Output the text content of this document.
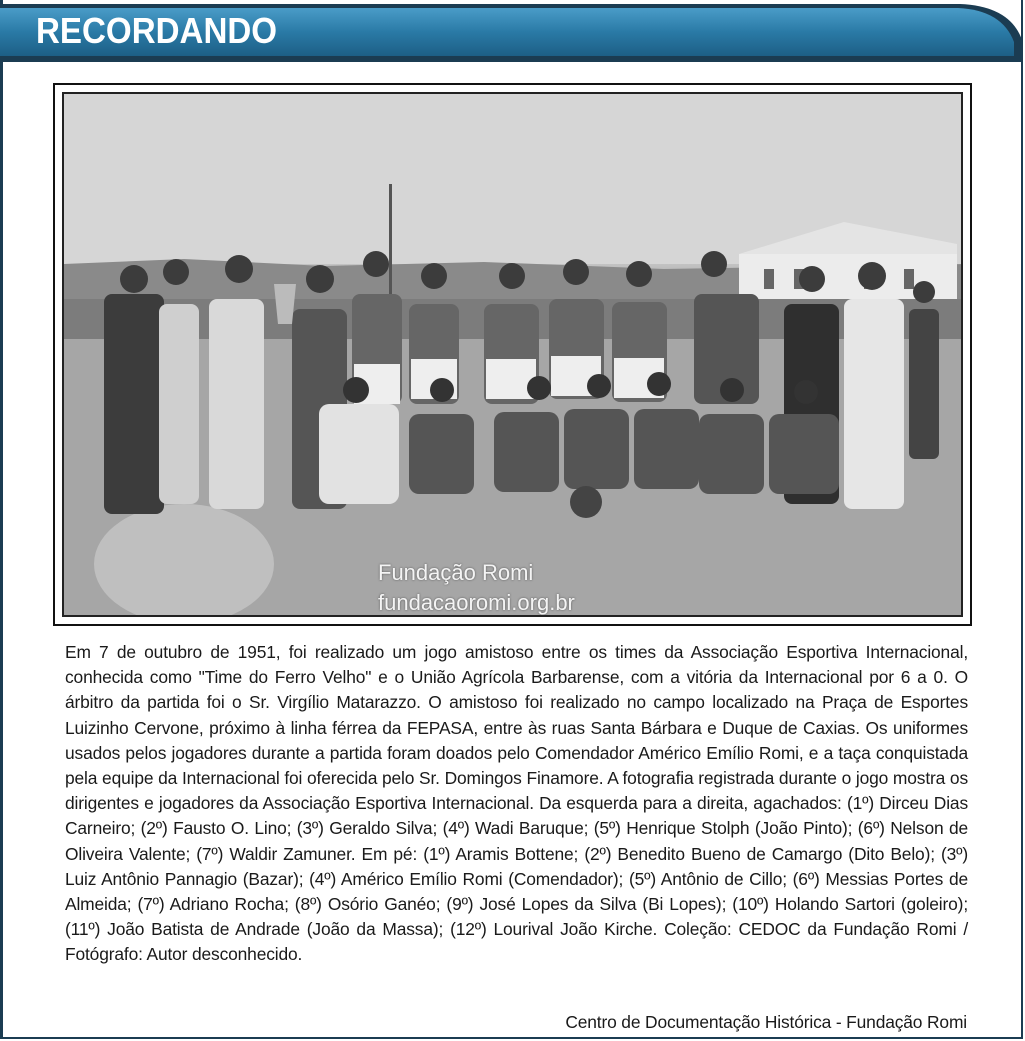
RECORDANDO
Fundação Romi
fundacaoromi.org.br

Em 7 de outubro de 1951, foi realizado um jogo amistoso entre os times da Associação Esportiva Internacional, conhecida como "Time do Ferro Velho" e o União Agrícola Barbarense, com a vitória da Internacional por 6 a 0. O árbitro da partida foi o Sr. Virgílio Matarazzo. O amistoso foi realizado no campo localizado na Praça de Esportes Luizinho Cervone, próximo à linha férrea da FEPASA, entre às ruas Santa Bárbara e Duque de Caxias. Os uniformes usados pelos jogadores durante a partida foram doados pelo Comendador Américo Emílio Romi, e a taça conquistada pela equipe da Internacional foi oferecida pelo Sr. Domingos Finamore. A fotografia registrada durante o jogo mostra os dirigentes e jogadores da Associação Esportiva Internacional. Da esquerda para a direita, agachados: (1º) Dirceu Dias Carneiro; (2º) Fausto O. Lino; (3º) Geraldo Silva; (4º) Wadi Baruque; (5º) Henrique Stolph (João Pinto); (6º) Nelson de Oliveira Valente; (7º) Waldir Zamuner. Em pé: (1º) Aramis Bottene; (2º) Benedito Bueno de Camargo (Dito Belo); (3º) Luiz Antônio Pannagio (Bazar); (4º) Américo Emílio Romi (Comendador); (5º) Antônio de Cillo; (6º) Messias Portes de Almeida; (7º) Adriano Rocha; (8º) Osório Ganéo; (9º) José Lopes da Silva (Bi Lopes); (10º) Holando Sartori (goleiro); (11º) João Batista de Andrade (João da Massa); (12º) Lourival João Kirche. Coleção: CEDOC da Fundação Romi / Fotógrafo: Autor desconhecido.

Centro de Documentação Histórica - Fundação Romi
